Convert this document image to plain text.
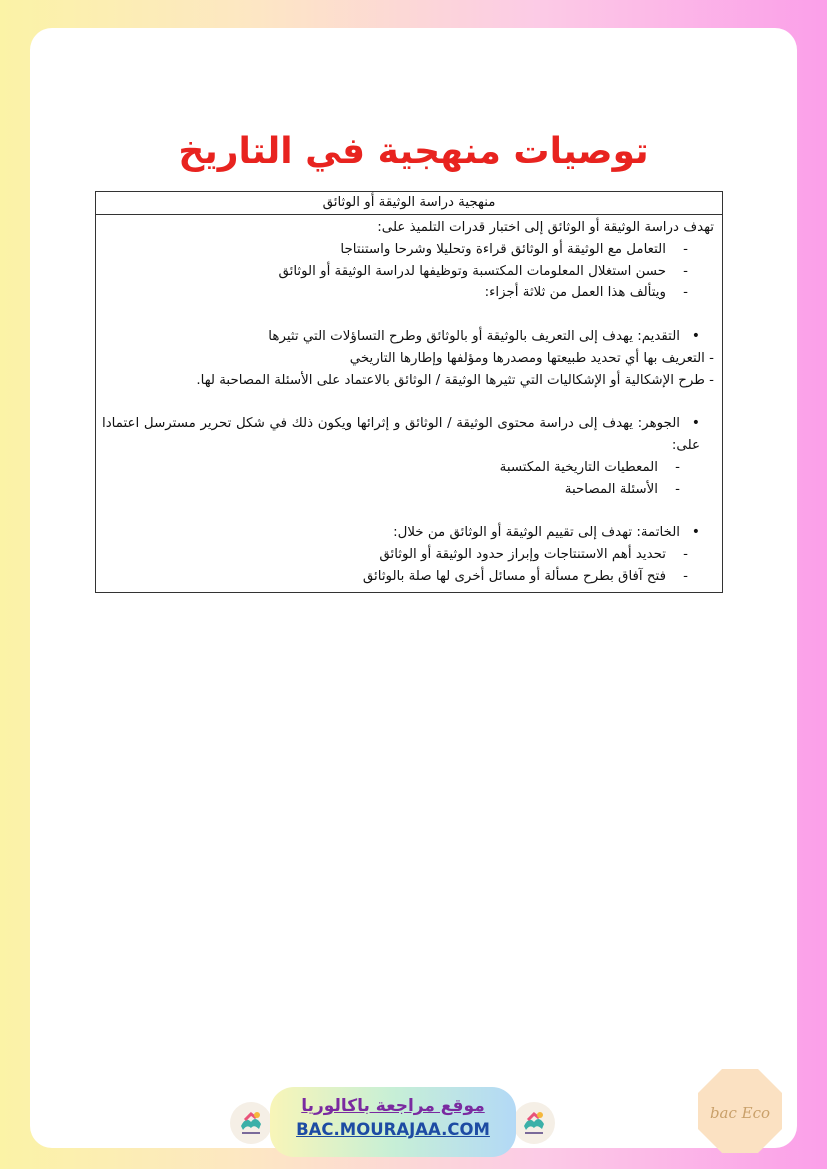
توصيات منهجية في التاريخ
منهجية دراسة الوثيقة أو الوثائق

تهدف دراسة الوثيقة أو الوثائق إلى اختبار قدرات التلميذ على:
- التعامل مع الوثيقة أو الوثائق قراءة وتحليلا وشرحا واستنتاجا
- حسن استغلال المعلومات المكتسبة وتوظيفها لدراسة الوثيقة أو الوثائق
- ويتألف هذا العمل من ثلاثة أجزاء:
• التقديم: يهدف إلى التعريف بالوثيقة أو بالوثائق وطرح التساؤلات التي تثيرها
- التعريف بها أي تحديد طبيعتها ومصدرها ومؤلفها وإطارها التاريخي
- طرح الإشكالية أو الإشكاليات التي تثيرها الوثيقة / الوثائق بالاعتماد على الأسئلة المصاحبة لها.
•الجوهر: يهدف إلى دراسة محتوى الوثيقة / الوثائق و إثرائها ويكون ذلك في شكل تحرير مسترسل اعتمادا على:
- المعطيات التاريخية المكتسبة
- الأسئلة المصاحبة
• الخاتمة: تهدف إلى تقييم الوثيقة أو الوثائق من خلال:
- تحديد أهم الاستنتاجات وإبراز حدود الوثيقة أو الوثائق
- فتح آفاق بطرح مسألة أو مسائل أخرى لها صلة بالوثائق
موقع مراجعة باكالوريا
BAC.MOURAJAA.COM
bac Eco
